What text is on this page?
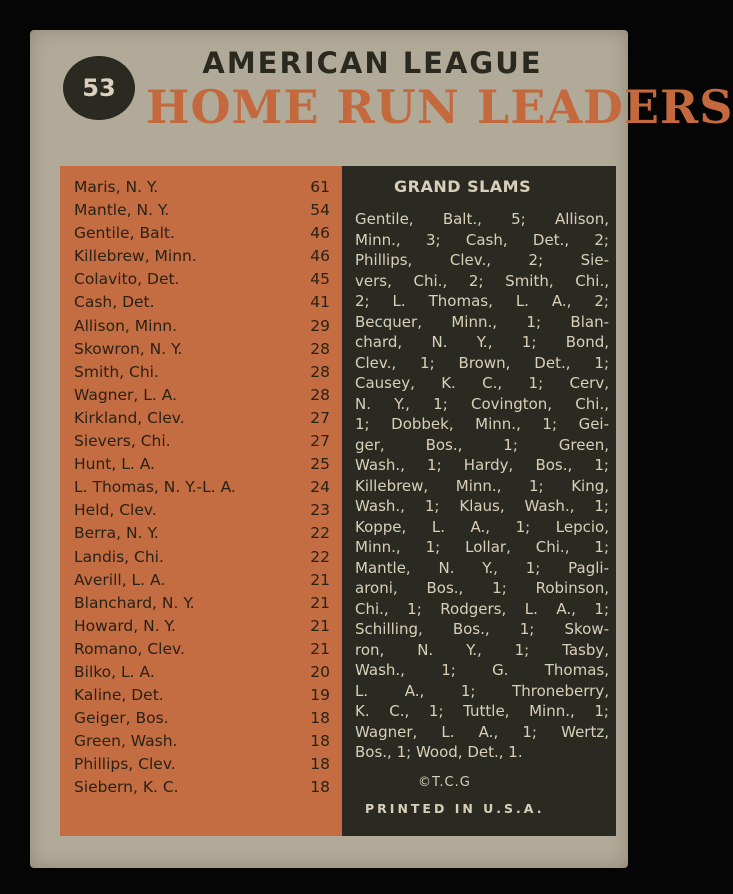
53
AMERICAN LEAGUE
HOME RUN LEADERS
Maris, N. Y.	61
Mantle, N. Y.	54
Gentile, Balt.	46
Killebrew, Minn.	46
Colavito, Det.	45
Cash, Det.	41
Allison, Minn.	29
Skowron, N. Y.	28
Smith, Chi.	28
Wagner, L. A.	28
Kirkland, Clev.	27
Sievers, Chi.	27
Hunt, L. A.	25
L. Thomas, N. Y.-L. A.	24
Held, Clev.	23
Berra, N. Y.	22
Landis, Chi.	22
Averill, L. A.	21
Blanchard, N. Y.	21
Howard, N. Y.	21
Romano, Clev.	21
Bilko, L. A.	20
Kaline, Det.	19
Geiger, Bos.	18
Green, Wash.	18
Phillips, Clev.	18
Siebern, K. C.	18
GRAND SLAMS
Gentile, Balt., 5; Allison,
Minn., 3; Cash, Det., 2;
Phillips, Clev., 2; Sie-
vers, Chi., 2; Smith, Chi.,
2; L. Thomas, L. A., 2;
Becquer, Minn., 1; Blan-
chard, N. Y., 1; Bond,
Clev., 1; Brown, Det., 1;
Causey, K. C., 1; Cerv,
N. Y., 1; Covington, Chi.,
1; Dobbek, Minn., 1; Gei-
ger, Bos., 1; Green,
Wash., 1; Hardy, Bos., 1;
Killebrew, Minn., 1; King,
Wash., 1; Klaus, Wash., 1;
Koppe, L. A., 1; Lepcio,
Minn., 1; Lollar, Chi., 1;
Mantle, N. Y., 1; Pagli-
aroni, Bos., 1; Robinson,
Chi., 1; Rodgers, L. A., 1;
Schilling, Bos., 1; Skow-
ron, N. Y., 1; Tasby,
Wash., 1; G. Thomas,
L. A., 1; Throneberry,
K. C., 1; Tuttle, Minn., 1;
Wagner, L. A., 1; Wertz,
Bos., 1; Wood, Det., 1.
©T.C.G
PRINTED IN U.S.A.
